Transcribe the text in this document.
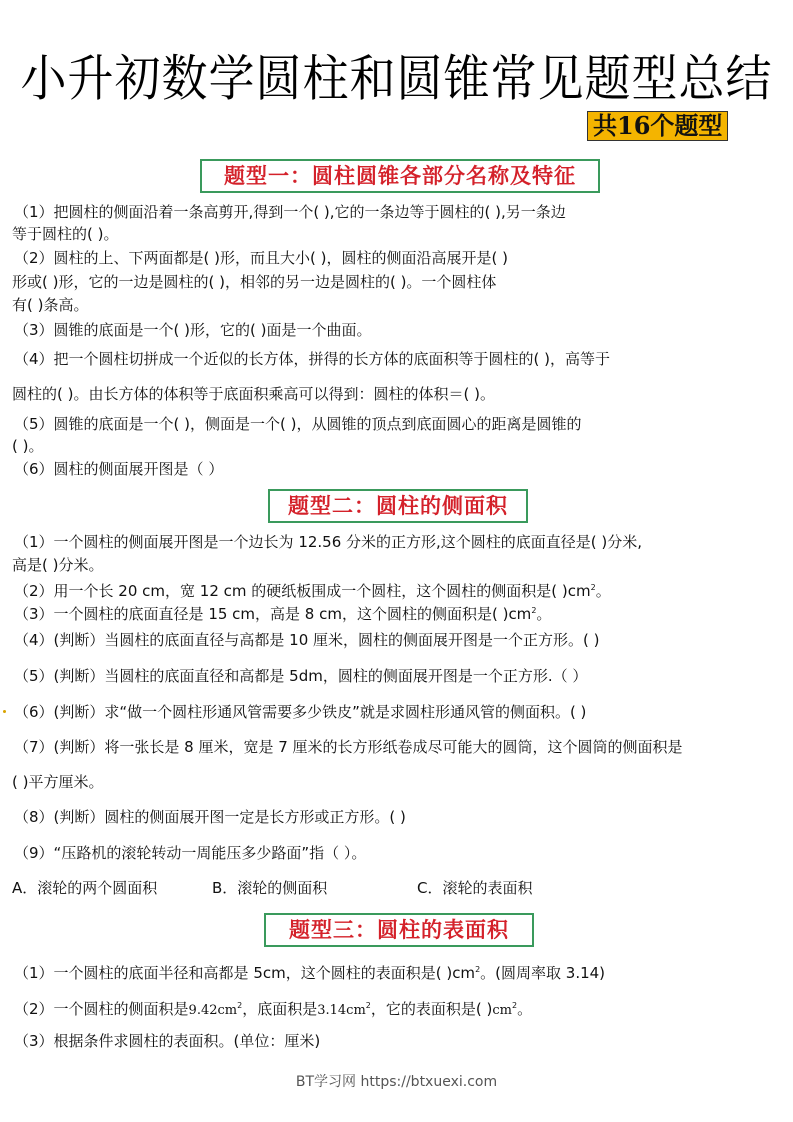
小升初数学圆柱和圆锥常见题型总结
共16个题型
题型一：圆柱圆锥各部分名称及特征
（1）把圆柱的侧面沿着一条高剪开,得到一个( ),它的一条边等于圆柱的( ),另一条边
等于圆柱的( )。
（2）圆柱的上、下两面都是( )形，而且大小( )，圆柱的侧面沿高展开是( )
形或( )形，它的一边是圆柱的( )，相邻的另一边是圆柱的( )。一个圆柱体
有( )条高。
（3）圆锥的底面是一个( )形，它的( )面是一个曲面。
（4）把一个圆柱切拼成一个近似的长方体，拼得的长方体的底面积等于圆柱的( )，高等于
圆柱的( )。由长方体的体积等于底面积乘高可以得到：圆柱的体积＝( )。
（5）圆锥的底面是一个( )，侧面是一个( )，从圆锥的顶点到底面圆心的距离是圆锥的
( )。
（6）圆柱的侧面展开图是（ ）
题型二：圆柱的侧面积
（1）一个圆柱的侧面展开图是一个边长为 12.56 分米的正方形,这个圆柱的底面直径是( )分米,
高是( )分米。
（2）用一个长 20 cm，宽 12 cm 的硬纸板围成一个圆柱，这个圆柱的侧面积是( )$cm^2$。
（3）一个圆柱的底面直径是 15 cm，高是 8 cm，这个圆柱的侧面积是( )$cm^2$。
（4）(判断）当圆柱的底面直径与高都是 10 厘米，圆柱的侧面展开图是一个正方形。( )
（5）(判断）当圆柱的底面直径和高都是 5dm，圆柱的侧面展开图是一个正方形.（ ）
（6）(判断）求“做一个圆柱形通风管需要多少铁皮”就是求圆柱形通风管的侧面积。( )
（7）(判断）将一张长是 8 厘米，宽是 7 厘米的长方形纸卷成尽可能大的圆筒，这个圆筒的侧面积是
( )平方厘米。
（8）(判断）圆柱的侧面展开图一定是长方形或正方形。( )
（9）“压路机的滚轮转动一周能压多少路面”指（ ）。
A．滚轮的两个圆面积	B．滚轮的侧面积	C．滚轮的表面积
题型三：圆柱的表面积
（1）一个圆柱的底面半径和高都是 5cm，这个圆柱的表面积是( )$cm^2$。(圆周率取 3.14)
（2）一个圆柱的侧面积是$9.42cm^2$，底面积是$3.14cm^2$，它的表面积是( )$cm^2$。
（3）根据条件求圆柱的表面积。(单位：厘米)
BT学习网 https://btxuexi.com
